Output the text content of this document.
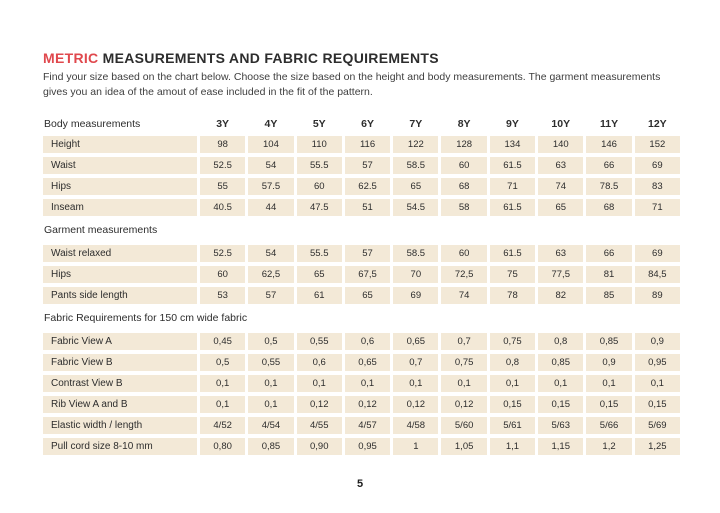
METRIC MEASUREMENTS AND FABRIC REQUIREMENTS

Find your size based on the chart below. Choose the size based on the height and body measurements. The garment measurements gives you an idea of the amout of ease included in the fit of the pattern.

Body measurements	3Y	4Y	5Y	6Y	7Y	8Y	9Y	10Y	11Y	12Y
Height	98	104	110	116	122	128	134	140	146	152
Waist	52.5	54	55.5	57	58.5	60	61.5	63	66	69
Hips	55	57.5	60	62.5	65	68	71	74	78.5	83
Inseam	40.5	44	47.5	51	54.5	58	61.5	65	68	71
Garment measurements
Waist relaxed	52.5	54	55.5	57	58.5	60	61.5	63	66	69
Hips	60	62,5	65	67,5	70	72,5	75	77,5	81	84,5
Pants side length	53	57	61	65	69	74	78	82	85	89
Fabric Requirements for 150 cm wide fabric
Fabric View A	0,45	0,5	0,55	0,6	0,65	0,7	0,75	0,8	0,85	0,9
Fabric View B	0,5	0,55	0,6	0,65	0,7	0,75	0,8	0,85	0,9	0,95
Contrast View B	0,1	0,1	0,1	0,1	0,1	0,1	0,1	0,1	0,1	0,1
Rib View A and B	0,1	0,1	0,12	0,12	0,12	0,12	0,15	0,15	0,15	0,15
Elastic width / length	4/52	4/54	4/55	4/57	4/58	5/60	5/61	5/63	5/66	5/69
Pull cord size 8-10 mm	0,80	0,85	0,90	0,95	1	1,05	1,1	1,15	1,2	1,25
5
